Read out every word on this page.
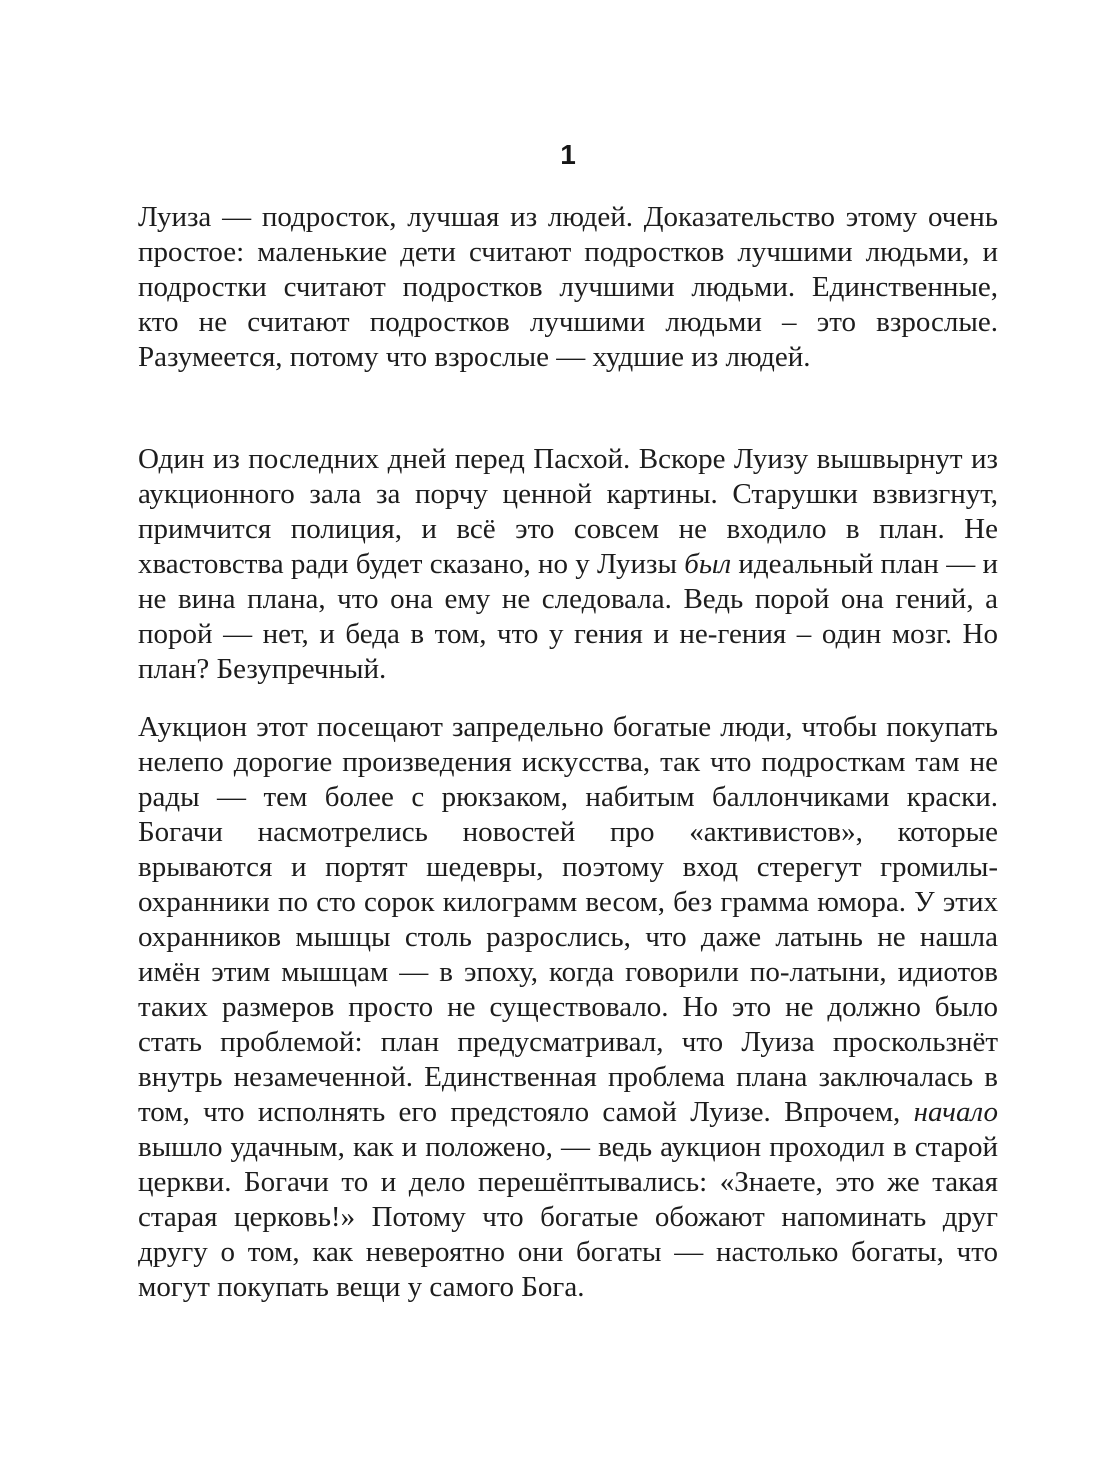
1

Луиза — подросток, лучшая из людей. Доказательство этому очень простое: маленькие дети считают подростков лучшими людьми, и подростки считают подростков лучшими людьми. Единственные, кто не считают подростков лучшими людьми – это взрослые. Разумеется, потому что взрослые — худшие из людей.

Один из последних дней перед Пасхой. Вскоре Луизу вышвырнут из аукционного зала за порчу ценной картины. Старушки взвизгнут, примчится полиция, и всё это совсем не входило в план. Не хвастовства ради будет сказано, но у Луизы был идеальный план — и не вина плана, что она ему не следовала. Ведь порой она гений, а порой — нет, и беда в том, что у гения и не-гения – один мозг. Но план? Безупречный.

Аукцион этот посещают запредельно богатые люди, чтобы покупать нелепо дорогие произведения искусства, так что подросткам там не рады — тем более с рюкзаком, набитым баллончиками краски. Богачи насмотрелись новостей про «активистов», которые врываются и портят шедевры, поэтому вход стерегут громилы-охранники по сто сорок килограмм весом, без грамма юмора. У этих охранников мышцы столь разрослись, что даже латынь не нашла имён этим мышцам — в эпоху, когда говорили по-латыни, идиотов таких размеров просто не существовало. Но это не должно было стать проблемой: план предусматривал, что Луиза проскользнёт внутрь незамеченной. Единственная проблема плана заключалась в том, что исполнять его предстояло самой Луизе. Впрочем, начало вышло удачным, как и положено, — ведь аукцион проходил в старой церкви. Богачи то и дело перешёптывались: «Знаете, это же такая старая церковь!» Потому что богатые обожают напоминать друг другу о том, как невероятно они богаты — настолько богаты, что могут покупать вещи у самого Бога.
